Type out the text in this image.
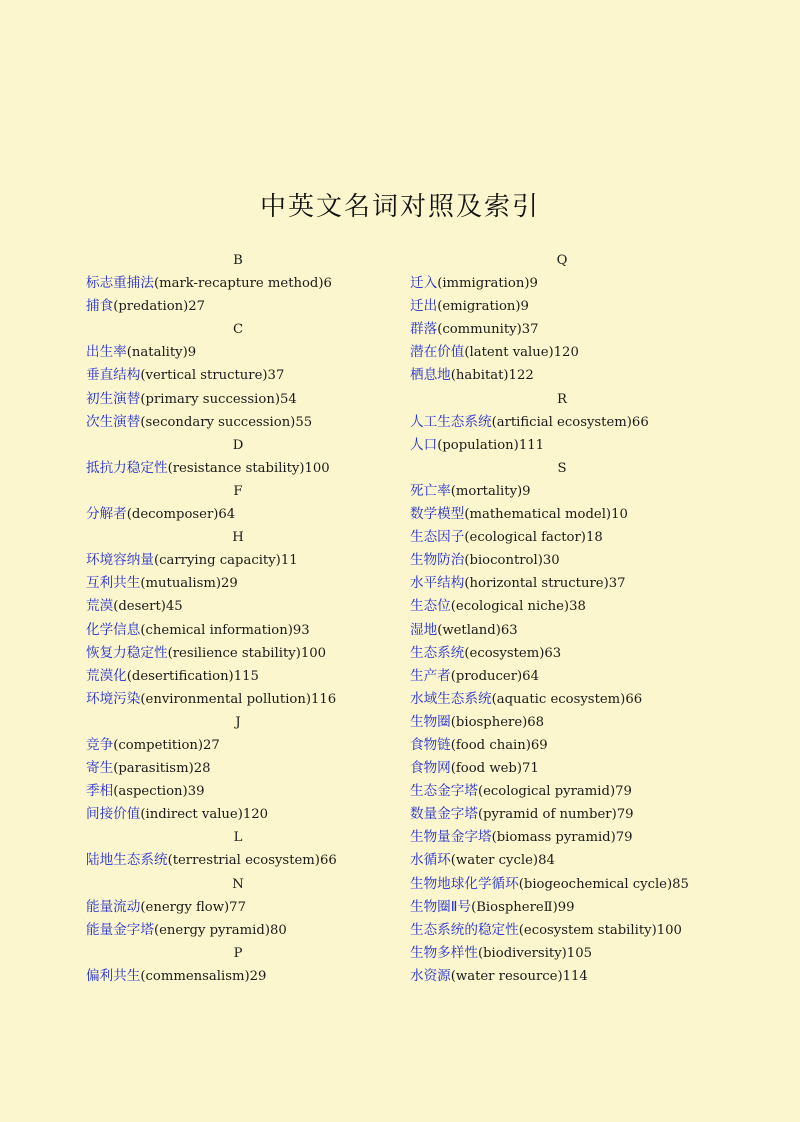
中英文名词对照及索引
B
标志重捕法(mark-recapture method)6
捕食(predation)27
C
出生率(natality)9
垂直结构(vertical structure)37
初生演替(primary succession)54
次生演替(secondary succession)55
D
抵抗力稳定性(resistance stability)100
F
分解者(decomposer)64
H
环境容纳量(carrying capacity)11
互利共生(mutualism)29
荒漠(desert)45
化学信息(chemical information)93
恢复力稳定性(resilience stability)100
荒漠化(desertification)115
环境污染(environmental pollution)116
J
竞争(competition)27
寄生(parasitism)28
季相(aspection)39
间接价值(indirect value)120
L
陆地生态系统(terrestrial ecosystem)66
N
能量流动(energy flow)77
能量金字塔(energy pyramid)80
P
偏利共生(commensalism)29
Q
迁入(immigration)9
迁出(emigration)9
群落(community)37
潜在价值(latent value)120
栖息地(habitat)122
R
人工生态系统(artificial ecosystem)66
人口(population)111
S
死亡率(mortality)9
数学模型(mathematical model)10
生态因子(ecological factor)18
生物防治(biocontrol)30
水平结构(horizontal structure)37
生态位(ecological niche)38
湿地(wetland)63
生态系统(ecosystem)63
生产者(producer)64
水域生态系统(aquatic ecosystem)66
生物圈(biosphere)68
食物链(food chain)69
食物网(food web)71
生态金字塔(ecological pyramid)79
数量金字塔(pyramid of number)79
生物量金字塔(biomass pyramid)79
水循环(water cycle)84
生物地球化学循环(biogeochemical cycle)85
生物圈Ⅱ号(BiosphereⅡ)99
生态系统的稳定性(ecosystem stability)100
生物多样性(biodiversity)105
水资源(water resource)114
